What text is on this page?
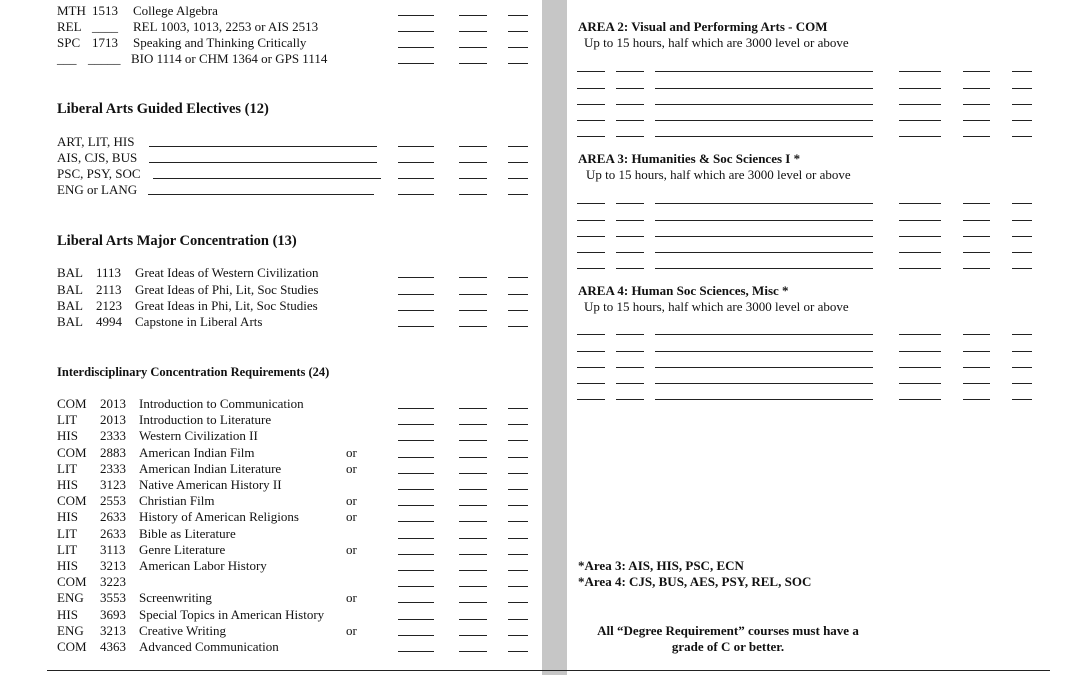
Liberal Arts Guided Electives (12)
Liberal Arts Major Concentration (13)
Interdisciplinary Concentration Requirements (24)
AREA 2: Visual and Performing Arts - COM
Up to 15 hours, half which are 3000 level or above
AREA 3: Humanities & Soc Sciences I *
Up to 15 hours, half which are 3000 level or above
AREA 4: Human Soc Sciences, Misc *
Up to 15 hours, half which are 3000 level or above
*Area 3: AIS, HIS, PSC, ECN
*Area 4: CJS, BUS, AES, PSY, REL, SOC
All “Degree Requirement” courses must have a
grade of C or better.
MTH 1513 College Algebra
REL ____ REL 1003, 1013, 2253 or AIS 2513
SPC 1713 Speaking and Thinking Critically
___ _____ BIO 1114 or CHM 1364 or GPS 1114
ART, LIT, HIS
AIS, CJS, BUS
PSC, PSY, SOC
ENG or LANG
BAL 1113 Great Ideas of Western Civilization
BAL 2113 Great Ideas of Phi, Lit, Soc Studies
BAL 2123 Great Ideas in Phi, Lit, Soc Studies
BAL 4994 Capstone in Liberal Arts
COM 2013 Introduction to Communication
LIT 2013 Introduction to Literature
HIS 2333 Western Civilization II
COM 2883 American Indian Film	or
LIT 2333 American Indian Literature	or
HIS 3123 Native American History II
COM 2553 Christian Film	or
HIS 2633 History of American Religions	or
LIT 2633 Bible as Literature
LIT 3113 Genre Literature	or
HIS 3213 American Labor History
COM 3223
ENG 3553 Screenwriting	or
HIS 3693 Special Topics in American History
ENG 3213 Creative Writing	or
COM 4363 Advanced Communication
